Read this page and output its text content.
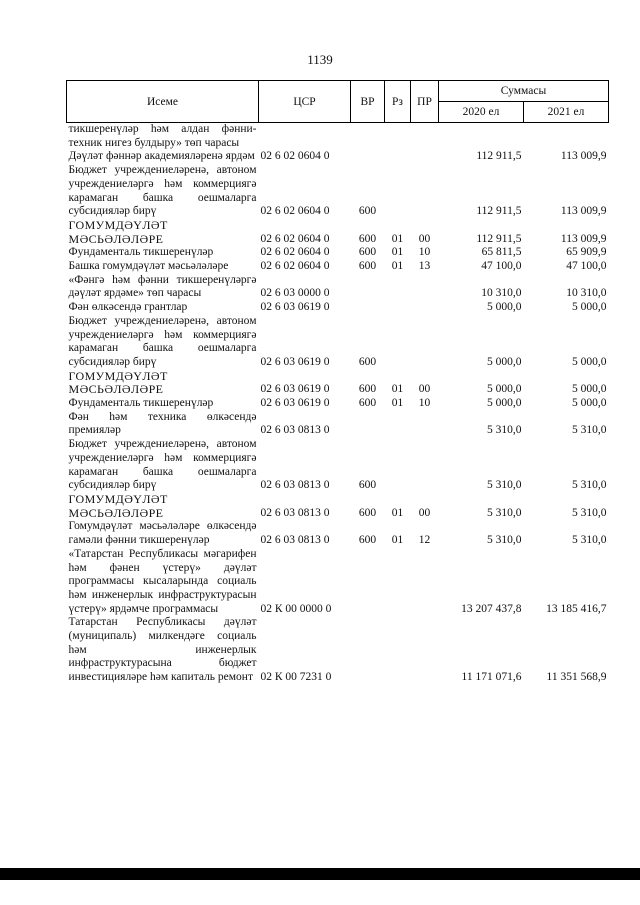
1139
Исеме	ЦСР	ВР	Рз	ПР	Суммасы	
					2020 ел	2021 ел
тикшеренүләр һәм алдан фәнни-техник нигез булдыру» төп чарасы						
Дәүләт фәннәр академияләренә ярдәм	02 6 02 0604 0				112 911,5	113 009,9
Бюджет учреждениеләренә, автоном учреждениеләргә һәм коммерциягә карамаган башка оешмаларга субсидияләр бирү	02 6 02 0604 0	600			112 911,5	113 009,9
ГОМУМДӘҮЛӘТ МӘСЬӘЛӘЛӘРЕ	02 6 02 0604 0	600	01	00	112 911,5	113 009,9
Фундаменталь тикшеренүләр	02 6 02 0604 0	600	01	10	65 811,5	65 909,9
Башка гомумдәүләт мәсьәләләре	02 6 02 0604 0	600	01	13	47 100,0	47 100,0
«Фәнгә һәм фәнни тикшеренүләргә дәүләт ярдәме» төп чарасы	02 6 03 0000 0				10 310,0	10 310,0
Фән өлкәсендә грантлар	02 6 03 0619 0				5 000,0	5 000,0
Бюджет учреждениеләренә, автоном учреждениеләргә һәм коммерциягә карамаган башка оешмаларга субсидияләр бирү	02 6 03 0619 0	600			5 000,0	5 000,0
ГОМУМДӘҮЛӘТ МӘСЬӘЛӘЛӘРЕ	02 6 03 0619 0	600	01	00	5 000,0	5 000,0
Фундаменталь тикшеренүләр	02 6 03 0619 0	600	01	10	5 000,0	5 000,0
Фән һәм техника өлкәсендә премияләр	02 6 03 0813 0				5 310,0	5 310,0
Бюджет учреждениеләренә, автоном учреждениеләргә һәм коммерциягә карамаган башка оешмаларга субсидияләр бирү	02 6 03 0813 0	600			5 310,0	5 310,0
ГОМУМДӘҮЛӘТ МӘСЬӘЛӘЛӘРЕ	02 6 03 0813 0	600	01	00	5 310,0	5 310,0
Гомумдәүләт мәсьәләләре өлкәсендә гамәли фәнни тикшеренүләр	02 6 03 0813 0	600	01	12	5 310,0	5 310,0
«Татарстан Республикасы мәгарифен һәм фәнен үстерү» дәүләт программасы кысаларында социаль һәм инженерлык инфраструктурасын үстерү» ярдәмче программасы	02 К 00 0000 0				13 207 437,8	13 185 416,7
Татарстан Республикасы дәүләт (муниципаль) милкендәге социаль һәм инженерлык инфраструктурасына бюджет инвестицияләре һәм капиталь ремонт	02 К 00 7231 0				11 171 071,6	11 351 568,9
